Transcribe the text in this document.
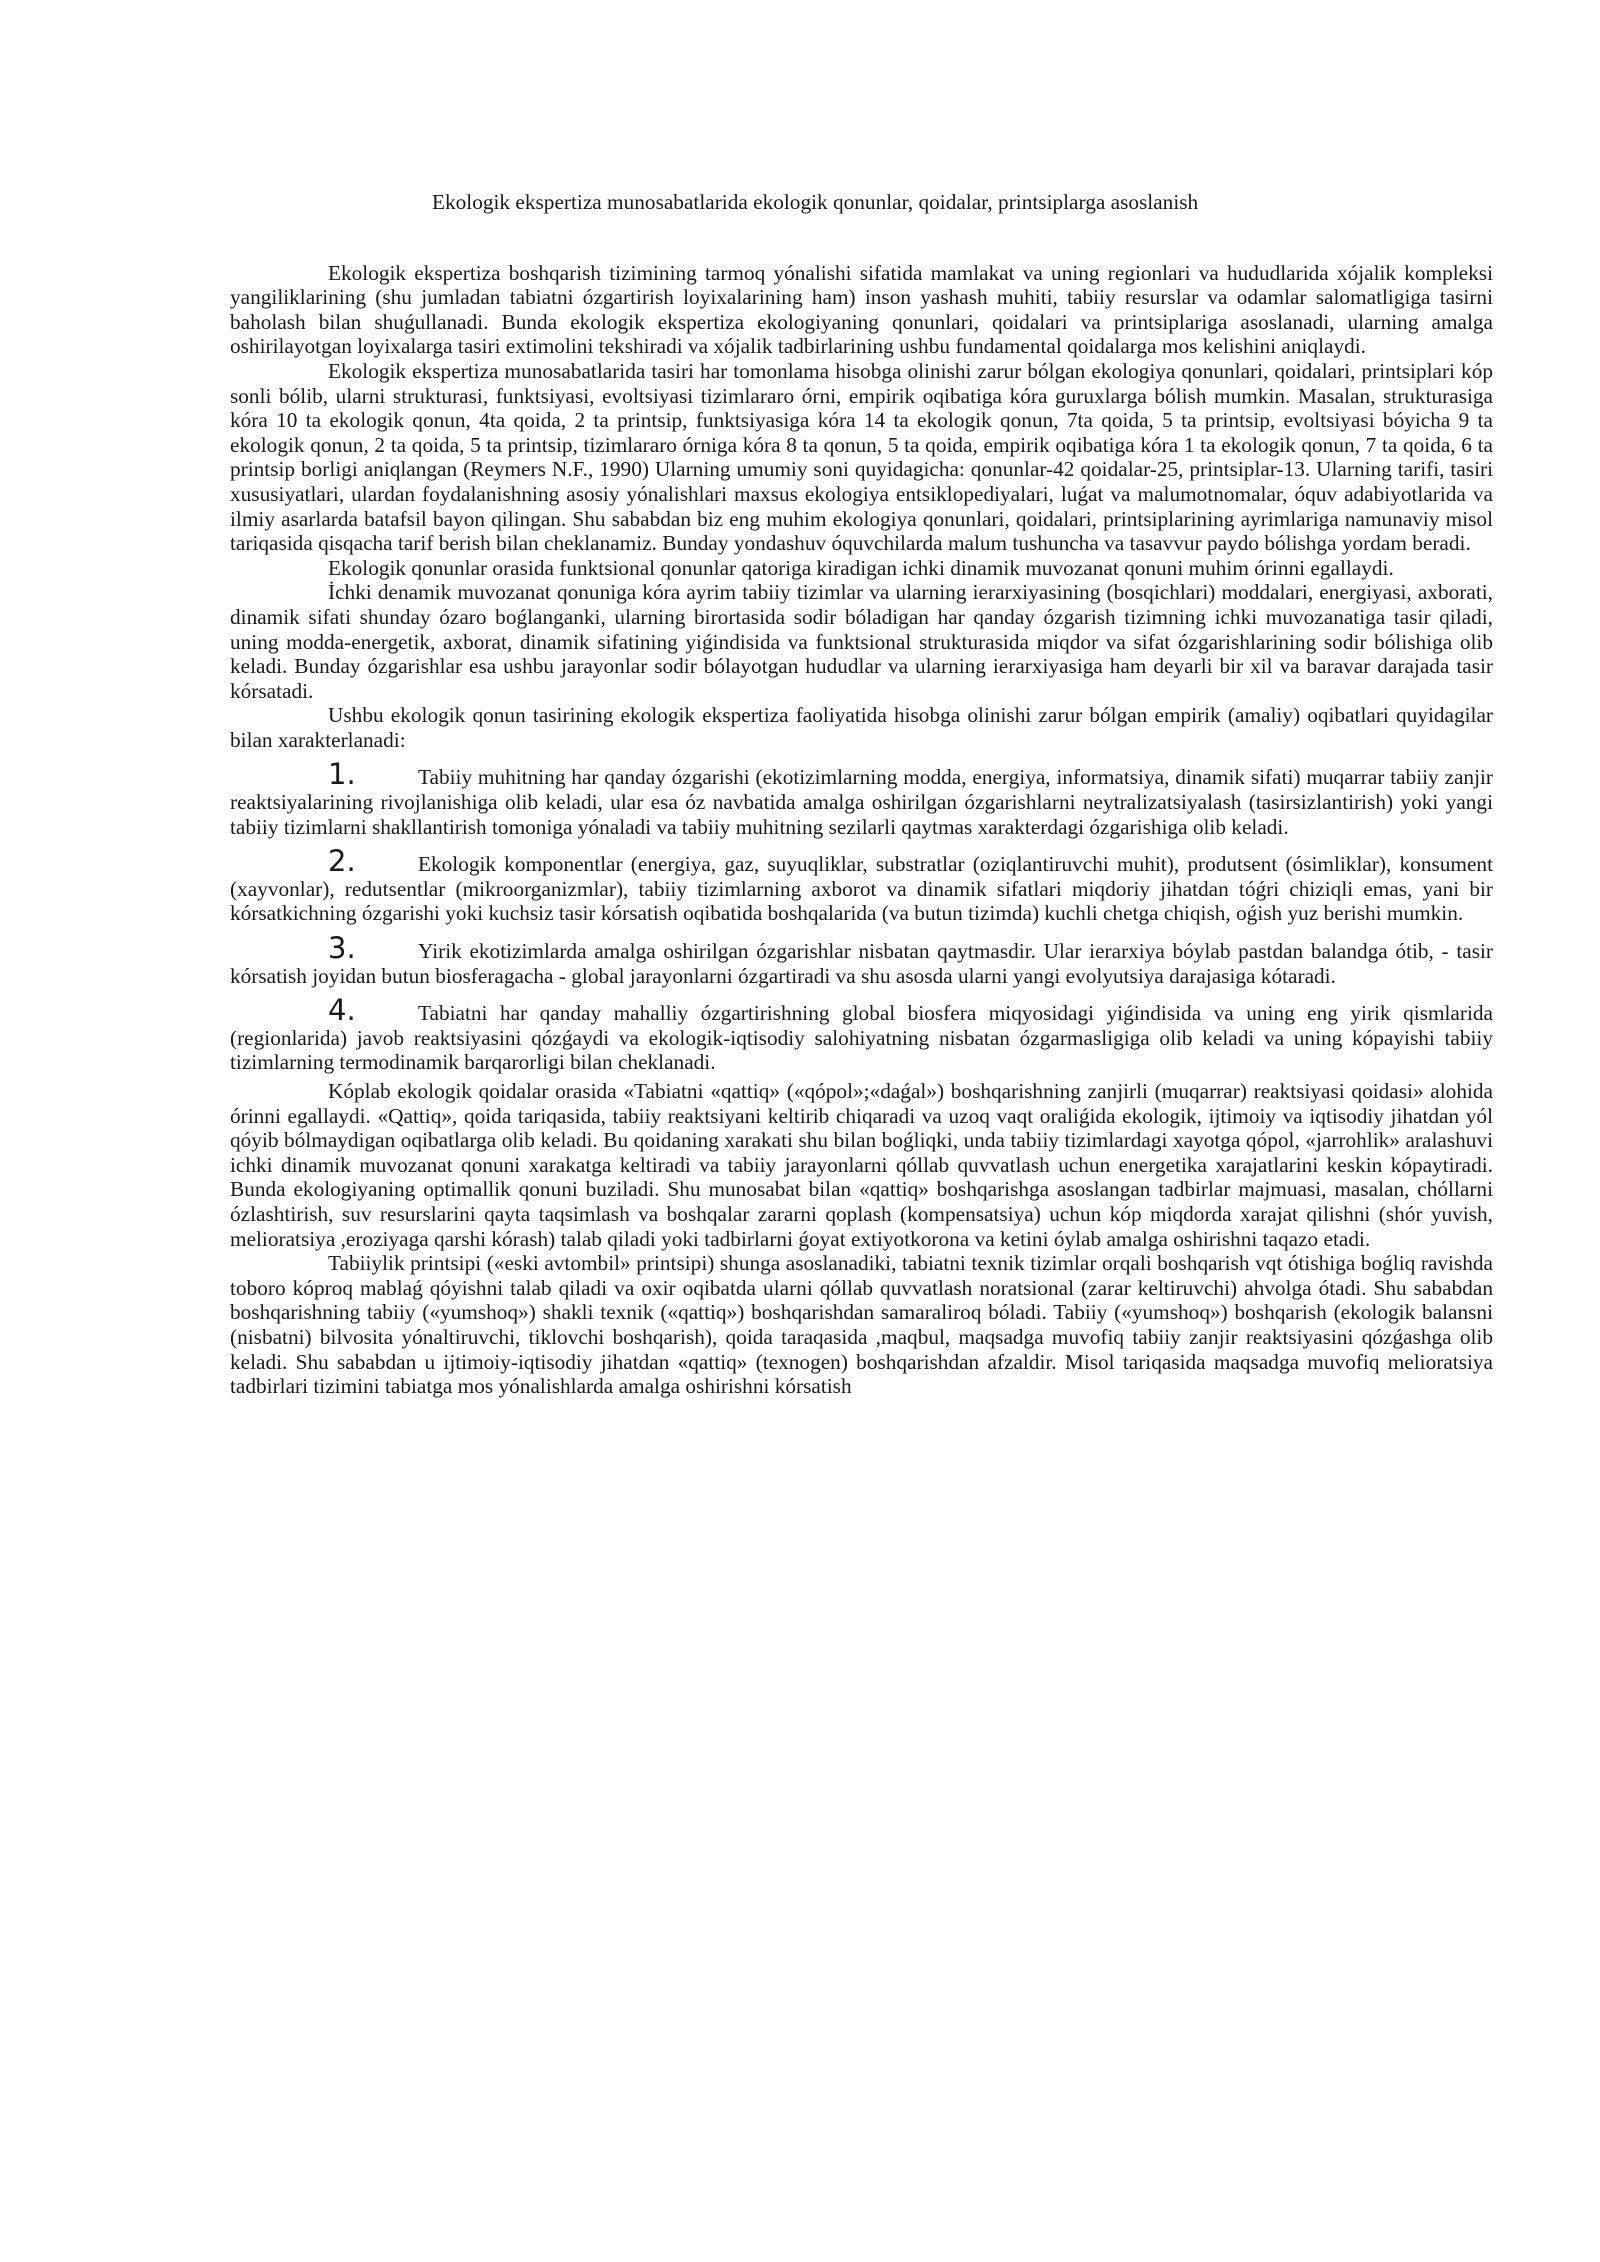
Ekologik ekspertiza munosabatlarida ekologik qonunlar, qoidalar, printsiplarga asoslanish

Ekologik ekspertiza boshqarish tizimining tarmoq yónalishi sifatida mamlakat va uning regionlari va hududlarida xójalik kompleksi yangiliklarining (shu jumladan tabiatni ózgartirish loyixalarining ham) inson yashash muhiti, tabiiy resurslar va odamlar salomatligiga tasirni baholash bilan shuǵullanadi. Bunda ekologik ekspertiza ekologiyaning qonunlari, qoidalari va printsiplariga asoslanadi, ularning amalga oshirilayotgan loyixalarga tasiri extimolini tekshiradi va xójalik tadbirlarining ushbu fundamental qoidalarga mos kelishini aniqlaydi.

Ekologik ekspertiza munosabatlarida tasiri har tomonlama hisobga olinishi zarur bólgan ekologiya qonunlari, qoidalari, printsiplari kóp sonli bólib, ularni strukturasi, funktsiyasi, evoltsiyasi tizimlararo órni, empirik oqibatiga kóra guruxlarga bólish mumkin. Masalan, strukturasiga kóra 10 ta ekologik qonun, 4ta qoida, 2 ta printsip, funktsiyasiga kóra 14 ta ekologik qonun, 7ta qoida, 5 ta printsip, evoltsiyasi bóyicha 9 ta ekologik qonun, 2 ta qoida, 5 ta printsip, tizimlararo órniga kóra 8 ta qonun, 5 ta qoida, empirik oqibatiga kóra 1 ta ekologik qonun, 7 ta qoida, 6 ta printsip borligi aniqlangan (Reymers N.F., 1990) Ularning umumiy soni quyidagicha: qonunlar-42 qoidalar-25, printsiplar-13. Ularning tarifi, tasiri xususiyatlari, ulardan foydalanishning asosiy yónalishlari maxsus ekologiya entsiklopediyalari, luǵat va malumotnomalar, óquv adabiyotlarida va ilmiy asarlarda batafsil bayon qilingan. Shu sababdan biz eng muhim ekologiya qonunlari, qoidalari, printsiplarining ayrimlariga namunaviy misol tariqasida qisqacha tarif berish bilan cheklanamiz. Bunday yondashuv óquvchilarda malum tushuncha va tasavvur paydo bólishga yordam beradi.

Ekologik qonunlar orasida funktsional qonunlar qatoriga kiradigan ichki dinamik muvozanat qonuni muhim órinni egallaydi.

İchki denamik muvozanat qonuniga kóra ayrim tabiiy tizimlar va ularning ierarxiyasining (bosqichlari) moddalari, energiyasi, axborati, dinamik sifati shunday ózaro boǵlanganki, ularning birortasida sodir bóladigan har qanday ózgarish tizimning ichki muvozanatiga tasir qiladi, uning modda-energetik, axborat, dinamik sifatining yiǵindisida va funktsional strukturasida miqdor va sifat ózgarishlarining sodir bólishiga olib keladi. Bunday ózgarishlar esa ushbu jarayonlar sodir bólayotgan hududlar va ularning ierarxiyasiga ham deyarli bir xil va baravar darajada tasir kórsatadi.

Ushbu ekologik qonun tasirining ekologik ekspertiza faoliyatida hisobga olinishi zarur bólgan empirik (amaliy) oqibatlari quyidagilar bilan xarakterlanadi:

1.	Tabiiy muhitning har qanday ózgarishi (ekotizimlarning modda, energiya, informatsiya, dinamik sifati) muqarrar tabiiy zanjir reaktsiyalarining rivojlanishiga olib keladi, ular esa óz navbatida amalga oshirilgan ózgarishlarni neytralizatsiyalash (tasirsizlantirish) yoki yangi tabiiy tizimlarni shakllantirish tomoniga yónaladi va tabiiy muhitning sezilarli qaytmas xarakterdagi ózgarishiga olib keladi.

2.	Ekologik komponentlar (energiya, gaz, suyuqliklar, substratlar (oziqlantiruvchi muhit), produtsent (ósimliklar), konsument (xayvonlar), redutsentlar (mikroorganizmlar), tabiiy tizimlarning axborot va dinamik sifatlari miqdoriy jihatdan tóǵri chiziqli emas, yani bir kórsatkichning ózgarishi yoki kuchsiz tasir kórsatish oqibatida boshqalarida (va butun tizimda) kuchli chetga chiqish, oǵish yuz berishi mumkin.

3.	Yirik ekotizimlarda amalga oshirilgan ózgarishlar nisbatan qaytmasdir. Ular ierarxiya bóylab pastdan balandga ótib, - tasir kórsatish joyidan butun biosferagacha - global jarayonlarni ózgartiradi va shu asosda ularni yangi evolyutsiya darajasiga kótaradi.

4.	Tabiatni har qanday mahalliy ózgartirishning global biosfera miqyosidagi yiǵindisida va uning eng yirik qismlarida (regionlarida) javob reaktsiyasini qózǵaydi va ekologik-iqtisodiy salohiyatning nisbatan ózgarmasligiga olib keladi va uning kópayishi tabiiy tizimlarning termodinamik barqarorligi bilan cheklanadi.

Kóplab ekologik qoidalar orasida «Tabiatni «qattiq» («qópol»;«daǵal») boshqarishning zanjirli (muqarrar) reaktsiyasi qoidasi» alohida órinni egallaydi. «Qattiq», qoida tariqasida, tabiiy reaktsiyani keltirib chiqaradi va uzoq vaqt oraliǵida ekologik, ijtimoiy va iqtisodiy jihatdan yól qóyib bólmaydigan oqibatlarga olib keladi. Bu qoidaning xarakati shu bilan boǵliqki, unda tabiiy tizimlardagi xayotga qópol, «jarrohlik» aralashuvi ichki dinamik muvozanat qonuni xarakatga keltiradi va tabiiy jarayonlarni qóllab quvvatlash uchun energetika xarajatlarini keskin kópaytiradi. Bunda ekologiyaning optimallik qonuni buziladi. Shu munosabat bilan «qattiq» boshqarishga asoslangan tadbirlar majmuasi, masalan, chóllarni ózlashtirish, suv resurslarini qayta taqsimlash va boshqalar zararni qoplash (kompensatsiya) uchun kóp miqdorda xarajat qilishni (shór yuvish, melioratsiya ,eroziyaga qarshi kórash) talab qiladi yoki tadbirlarni ǵoyat extiyotkorona va ketini óylab amalga oshirishni taqazo etadi.

Tabiiylik printsipi («eski avtombil» printsipi) shunga asoslanadiki, tabiatni texnik tizimlar orqali boshqarish vqt ótishiga boǵliq ravishda toboro kóproq mablaǵ qóyishni talab qiladi va oxir oqibatda ularni qóllab quvvatlash noratsional (zarar keltiruvchi) ahvolga ótadi. Shu sababdan boshqarishning tabiiy («yumshoq») shakli texnik («qattiq») boshqarishdan samaraliroq bóladi. Tabiiy («yumshoq») boshqarish (ekologik balansni (nisbatni) bilvosita yónaltiruvchi, tiklovchi boshqarish), qoida taraqasida ,maqbul, maqsadga muvofiq tabiiy zanjir reaktsiyasini qózǵashga olib keladi. Shu sababdan u ijtimoiy-iqtisodiy jihatdan «qattiq» (texnogen) boshqarishdan afzaldir. Misol tariqasida maqsadga muvofiq melioratsiya tadbirlari tizimini tabiatga mos yónalishlarda amalga oshirishni kórsatish
